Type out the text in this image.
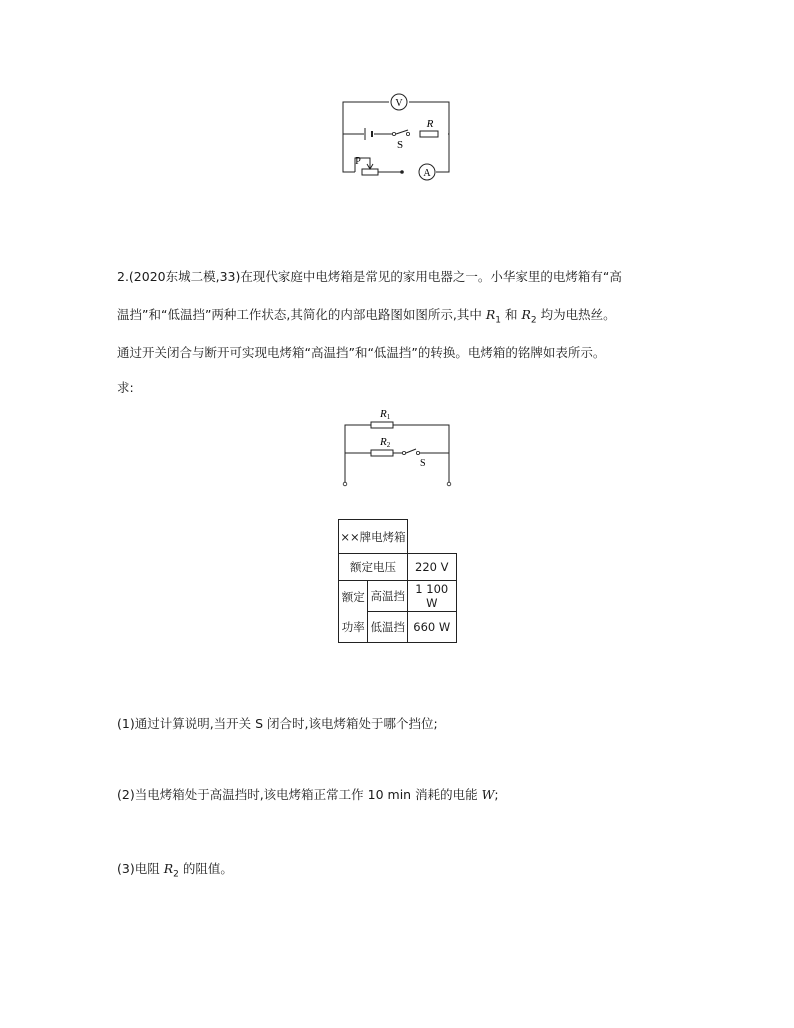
V
R
S
P
A
2.(2020东城二模,33)在现代家庭中电烤箱是常见的家用电器之一。小华家里的电烤箱有“高
温挡”和“低温挡”两种工作状态,其简化的内部电路图如图所示,其中 $R_1$ 和 $R_2$ 均为电热丝。
通过开关闭合与断开可实现电烤箱“高温挡”和“低温挡”的转换。电烤箱的铭牌如表所示。
求:
R1
R2
S
××牌电烤箱		
额定电压		220 V
额定
功率	高温挡	1 100 W
	低温挡	660 W
(1)通过计算说明,当开关 S 闭合时,该电烤箱处于哪个挡位;
(2)当电烤箱处于高温挡时,该电烤箱正常工作 10 min 消耗的电能 W;
(3)电阻 $R_2$ 的阻值。
